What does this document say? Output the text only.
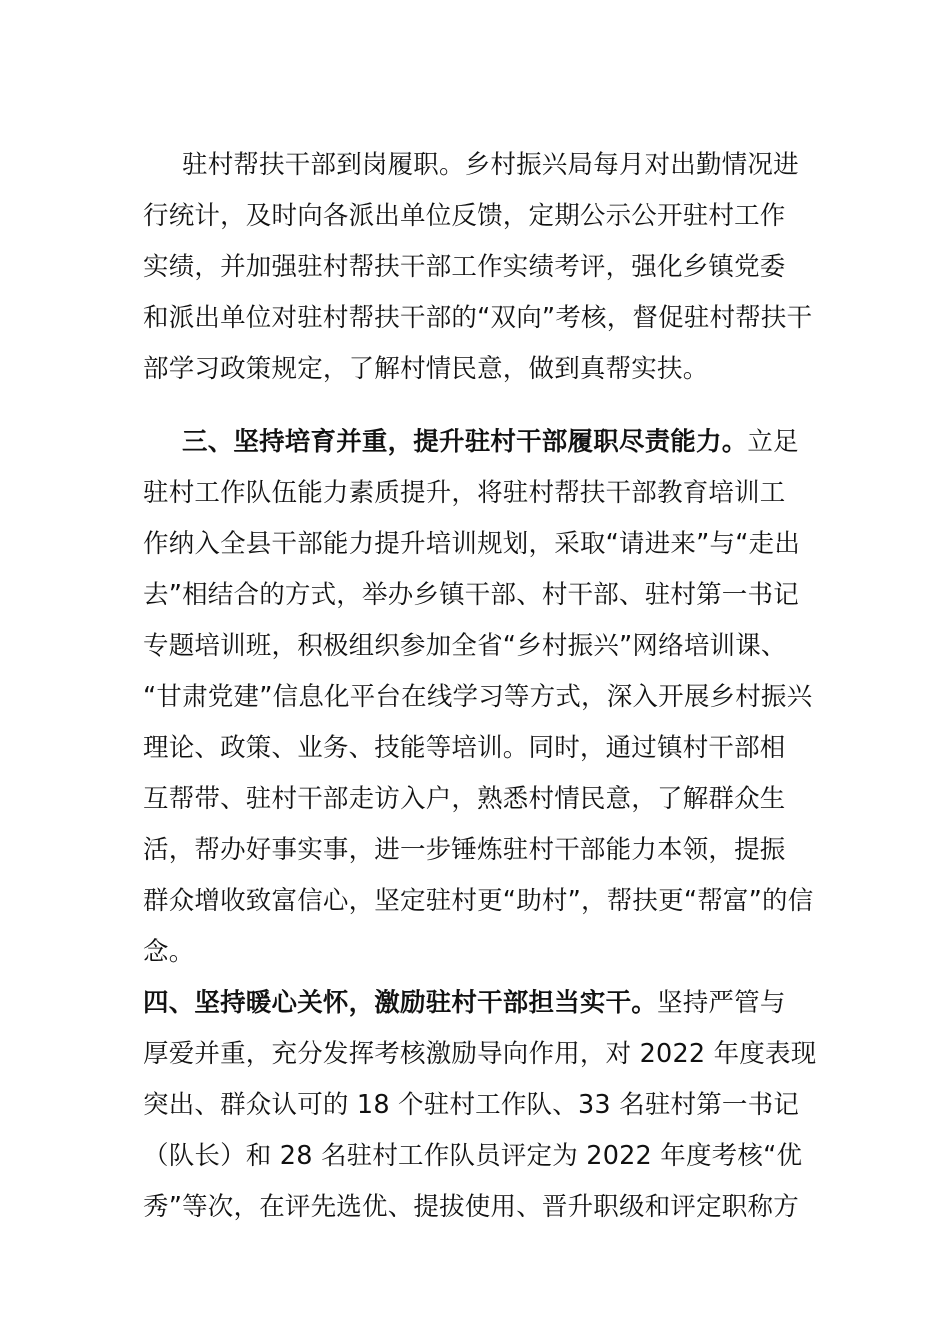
驻村帮扶干部到岗履职。乡村振兴局每月对出勤情况进
行统计，及时向各派出单位反馈，定期公示公开驻村工作
实绩，并加强驻村帮扶干部工作实绩考评，强化乡镇党委
和派出单位对驻村帮扶干部的“双向”考核，督促驻村帮扶干
部学习政策规定，了解村情民意，做到真帮实扶。
三、坚持培育并重，提升驻村干部履职尽责能力。立足
驻村工作队伍能力素质提升，将驻村帮扶干部教育培训工
作纳入全县干部能力提升培训规划，采取“请进来”与“走出
去”相结合的方式，举办乡镇干部、村干部、驻村第一书记
专题培训班，积极组织参加全省“乡村振兴”网络培训课、
“甘肃党建”信息化平台在线学习等方式，深入开展乡村振兴
理论、政策、业务、技能等培训。同时，通过镇村干部相
互帮带、驻村干部走访入户，熟悉村情民意，了解群众生
活，帮办好事实事，进一步锤炼驻村干部能力本领，提振
群众增收致富信心，坚定驻村更“助村”，帮扶更“帮富”的信
念。
四、坚持暖心关怀，激励驻村干部担当实干。坚持严管与
厚爱并重，充分发挥考核激励导向作用，对 2022 年度表现
突出、群众认可的 18 个驻村工作队、33 名驻村第一书记
（队长）和 28 名驻村工作队员评定为 2022 年度考核“优
秀”等次，在评先选优、提拔使用、晋升职级和评定职称方
